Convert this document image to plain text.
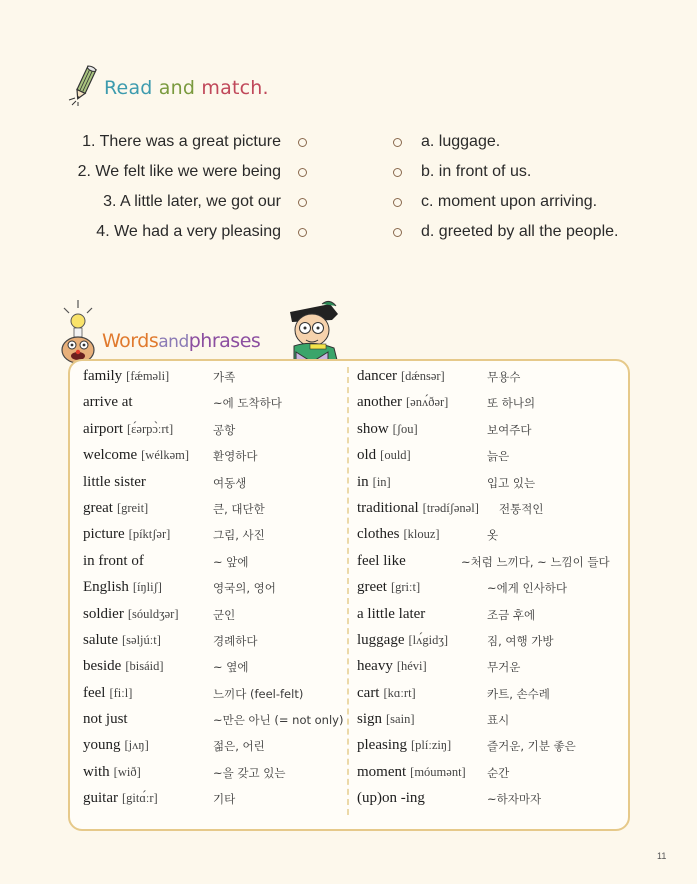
Read and match.
1. There was a great picture	a. luggage.
2. We felt like we were being	b. in front of us.
3. A little later, we got our	c. moment upon arriving.
4. We had a very pleasing	d. greeted by all the people.
Wordsandphrases
family [fǽməli]	가족
arrive at	~에 도착하다
airport [ɛ́ərpɔ̀ːrt]	공항
welcome [wélkəm] 환영하다
little sister	여동생
great [greit]	큰, 대단한
picture [píktʃər]	그림, 사진
in front of	~ 앞에
English [íŋliʃ]	영국의, 영어
soldier [sóuldʒər]	군인
salute [səljúːt]	경례하다
beside [bisáid]	~ 옆에
feel [fiːl]	느끼다 (feel-felt)
not just	~만은 아닌 (= not only)
young [jʌŋ]	젊은, 어린
with [wið]	~을 갖고 있는
guitar [gitɑ́ːr]	기타
dancer [dǽnsər]	무용수
another [ənʌ́ðər]	또 하나의
show [ʃou]	보여주다
old [ould]	늙은
in [in]	입고 있는
traditional [trədíʃənəl] 전통적인
clothes [klouz]	옷
feel like	~처럼 느끼다, ~ 느낌이 들다
greet [griːt]	~에게 인사하다
a little later	조금 후에
luggage [lʌ́gidʒ]	짐, 여행 가방
heavy [hévi]	무거운
cart [kɑːrt]	카트, 손수레
sign [sain]	표시
pleasing [plíːziŋ]	즐거운, 기분 좋은
moment [móumənt] 순간
(up)on -ing	~하자마자
11
